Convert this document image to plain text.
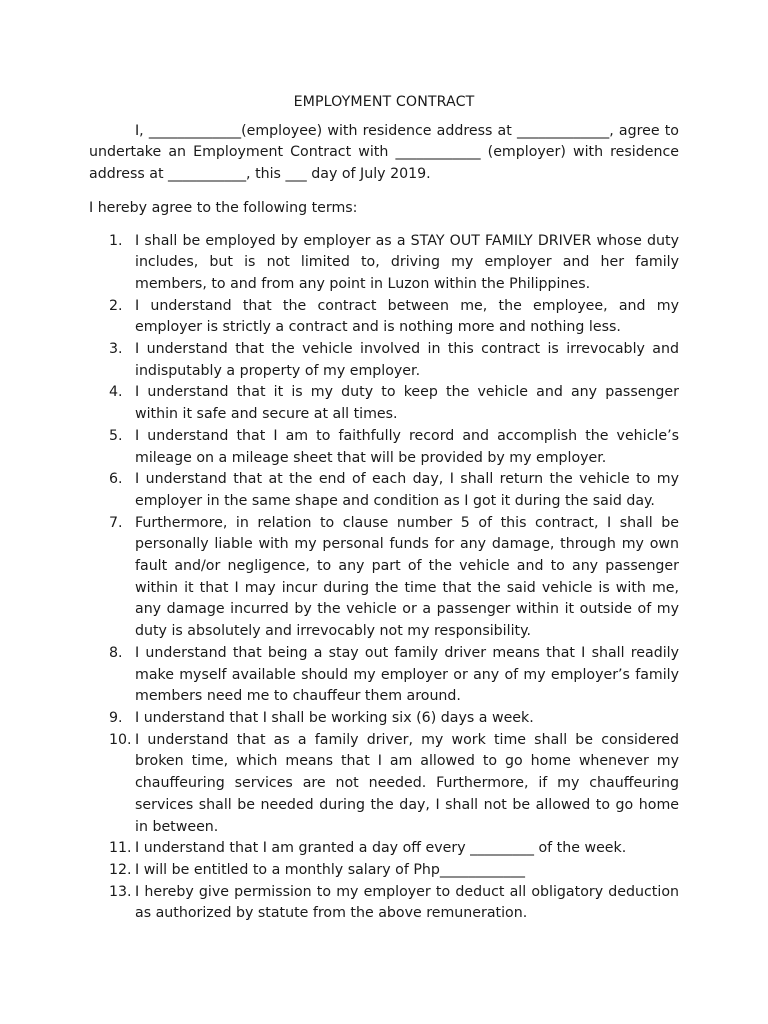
EMPLOYMENT CONTRACT

I, _____________(employee) with residence address at _____________, agree to undertake an Employment Contract with ____________ (employer) with residence address at ___________, this ___ day of July 2019.

I hereby agree to the following terms:

1. I shall be employed by employer as a STAY OUT FAMILY DRIVER whose duty includes, but is not limited to, driving my employer and her family members, to and from any point in Luzon within the Philippines.
2. I understand that the contract between me, the employee, and my employer is strictly a contract and is nothing more and nothing less.
3. I understand that the vehicle involved in this contract is irrevocably and indisputably a property of my employer.
4. I understand that it is my duty to keep the vehicle and any passenger within it safe and secure at all times.
5. I understand that I am to faithfully record and accomplish the vehicle’s mileage on a mileage sheet that will be provided by my employer.
6. I understand that at the end of each day, I shall return the vehicle to my employer in the same shape and condition as I got it during the said day.
7. Furthermore, in relation to clause number 5 of this contract, I shall be personally liable with my personal funds for any damage, through my own fault and/or negligence, to any part of the vehicle and to any passenger within it that I may incur during the time that the said vehicle is with me, any damage incurred by the vehicle or a passenger within it outside of my duty is absolutely and irrevocably not my responsibility.
8. I understand that being a stay out family driver means that I shall readily make myself available should my employer or any of my employer’s family members need me to chauffeur them around.
9. I understand that I shall be working six (6) days a week.
10. I understand that as a family driver, my work time shall be considered broken time, which means that I am allowed to go home whenever my chauffeuring services are not needed. Furthermore, if my chauffeuring services shall be needed during the day, I shall not be allowed to go home in between.
11. I understand that I am granted a day off every _________ of the week.
12. I will be entitled to a monthly salary of Php____________
13. I hereby give permission to my employer to deduct all obligatory deduction as authorized by statute from the above remuneration.
